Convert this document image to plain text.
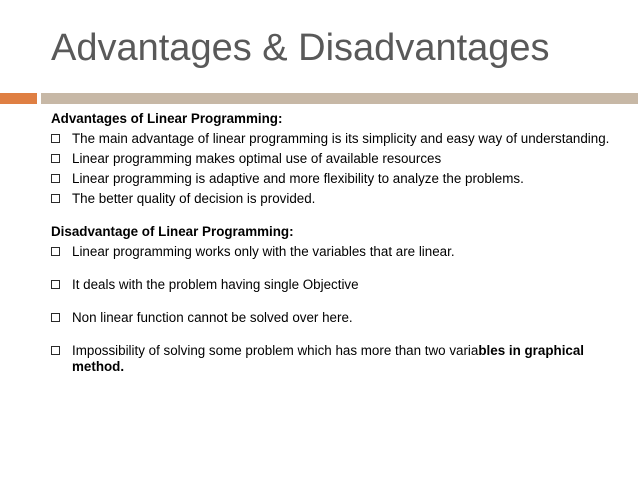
Advantages & Disadvantages
Advantages of Linear Programming:
The main advantage of linear programming is its simplicity and easy way of understanding.
Linear programming makes optimal use of available resources
Linear programming is adaptive and more flexibility to analyze the problems.
The better quality of decision is provided.
Disadvantage of Linear Programming:
Linear programming works only with the variables that are linear.
It deals with the problem having single Objective
Non linear function cannot be solved over here.
Impossibility of solving some problem which has more than two variables in graphical method.
